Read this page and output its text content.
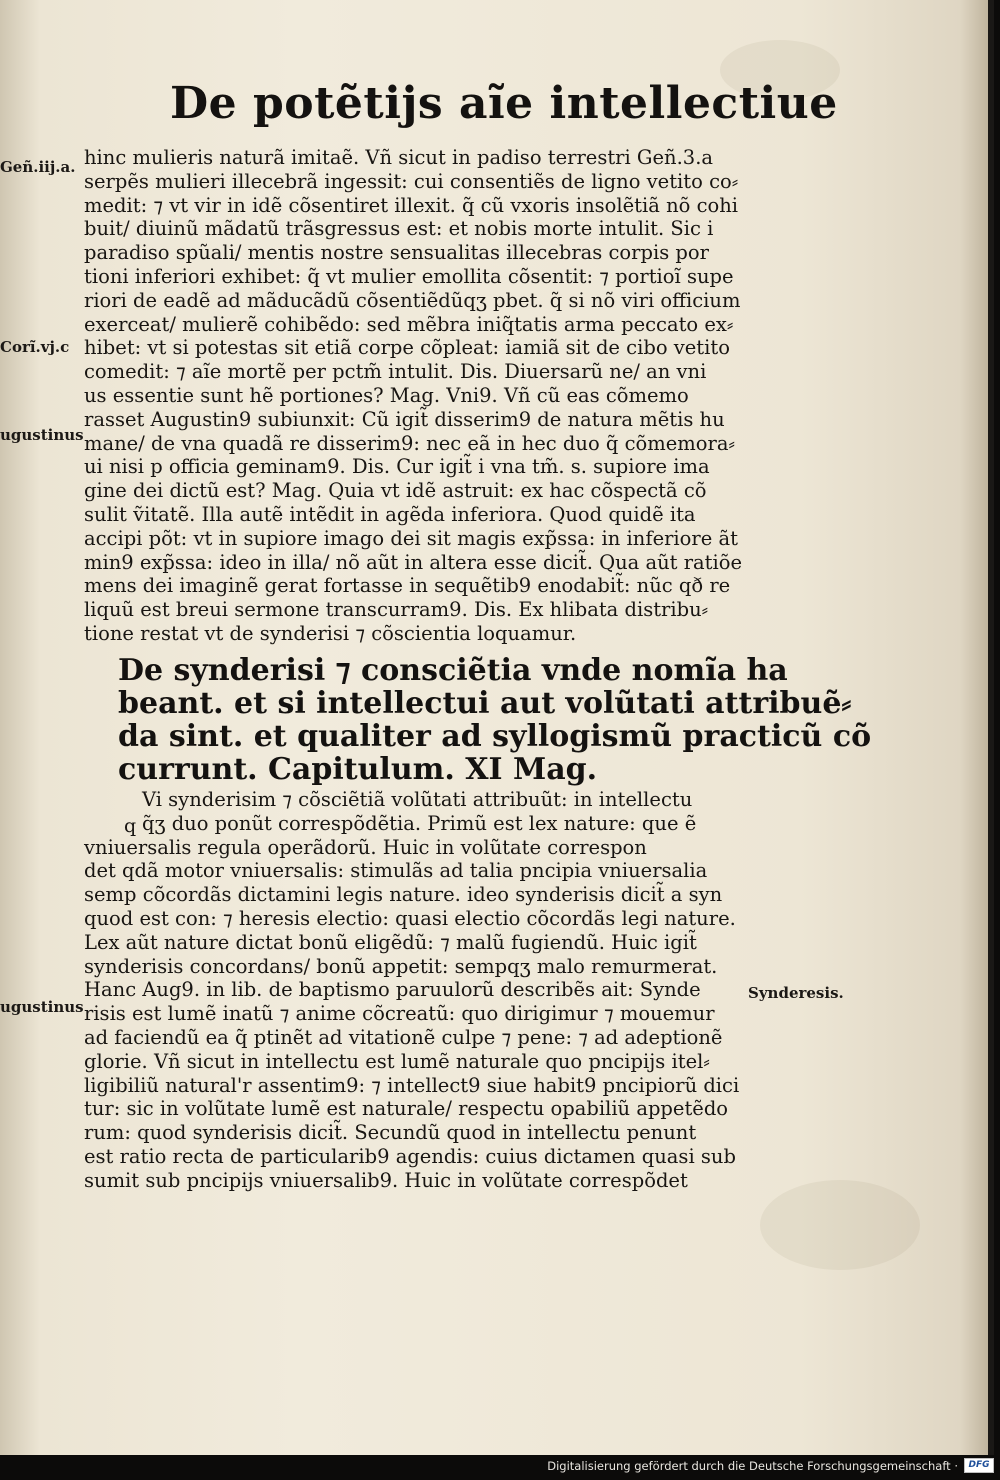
De potẽtijs aĩe intellectiue
Geñ.iij.a.
Corĩ.vj.c
ugustinus
ugustinus
Synderesis.
hinc mulieris naturã imitaẽ. Vñ sicut in padiso terrestri Geñ.3.a
serpẽs mulieri illecebrã ingessit: cui consentiẽs de ligno vetito co⸗
medit: ⁊ vt vir in idẽ cõsentiret illexit. q̃ cũ vxoris insolẽtiã nõ cohi
buit/ diuinũ mãdatũ trãsgressus est: et nobis morte intulit. Sic i
paradiso spũali/ mentis nostre sensualitas illecebras corpis por
tioni inferiori exhibet: q̃ vt mulier emollita cõsentit: ⁊ portioĩ supe
riori de eadẽ ad mãducãdũ cõsentiẽdũqʒ pbet. q̃ si nõ viri officium
exerceat/ mulierẽ cohibẽdo: sed mẽbra iniq̃tatis arma peccato ex⸗
hibet: vt si potestas sit etiã corpe cõpleat: iamiã sit de cibo vetito
comedit: ⁊ aĩe mortẽ per pctm̃ intulit. Dis. Diuersarũ ne/ an vni
us essentie sunt hẽ portiones? Mag. Vni9. Vñ cũ eas cõmemo
rasset Augustin9 subiunxit: Cũ igit̃ disserim9 de natura mẽtis hu
mane/ de vna quadã re disserim9: nec eã in hec duo q̃ cõmemora⸗
ui nisi p officia geminam9. Dis. Cur igit̃ i vna tm̃. s. supiore ima
gine dei dictũ est? Mag. Quia vt idẽ astruit: ex hac cõspectã cõ
sulit ṽitatẽ. Illa autẽ intẽdit in agẽda inferiora. Quod quidẽ ita
accipi põt: vt in supiore imago dei sit magis exp̃ssa: in inferiore ãt
min9 exp̃ssa: ideo in illa/ nõ aũt in altera esse dicit̃. Qua aũt ratiõe
mens dei imaginẽ gerat fortasse in sequẽtib9 enodabit̃: nũc qð re
liquũ est breui sermone transcurram9. Dis. Ex hlibata distribu⸗
tione restat vt de synderisi ⁊ cõscientia loquamur.
De synderisi ⁊ consciẽtia vnde nomĩa ha
beant. et si intellectui aut volũtati attribuẽ⸗
da sint. et qualiter ad syllogismũ practicũ cõ
currunt. Capitulum. XI Mag.
q
Vi synderisim ⁊ cõsciẽtiã volũtati attribuũt: in intellectu
q̃ʒ duo ponũt correspõdẽtia. Primũ est lex nature: que ẽ
vniuersalis regula operãdorũ. Huic in volũtate correspon
det qdã motor vniuersalis: stimulãs ad talia pncipia vniuersalia
semp cõcordãs dictamini legis nature. ideo synderisis dicit̃ a syn
quod est con: ⁊ heresis electio: quasi electio cõcordãs legi nature.
Lex aũt nature dictat bonũ eligẽdũ: ⁊ malũ fugiendũ. Huic igit̃
synderisis concordans/ bonũ appetit: sempqʒ malo remurmerat.
Hanc Aug9. in lib. de baptismo paruulorũ describẽs ait: Synde
risis est lumẽ inatũ ⁊ anime cõcreatũ: quo dirigimur ⁊ mouemur
ad faciendũ ea q̃ ptinẽt ad vitationẽ culpe ⁊ pene: ⁊ ad adeptionẽ
glorie. Vñ sicut in intellectu est lumẽ naturale quo pncipijs itel⸗
ligibiliũ natural'r assentim9: ⁊ intellect9 siue habit9 pncipiorũ dici
tur: sic in volũtate lumẽ est naturale/ respectu opabiliũ appetẽdo
rum: quod synderisis dicit̃. Secundũ quod in intellectu penunt
est ratio recta de particularib9 agendis: cuius dictamen quasi sub
sumit sub pncipijs vniuersalib9. Huic in volũtate correspõdet
Digitalisierung gefördert durch die Deutsche Forschungsgemeinschaft ·	DFG
